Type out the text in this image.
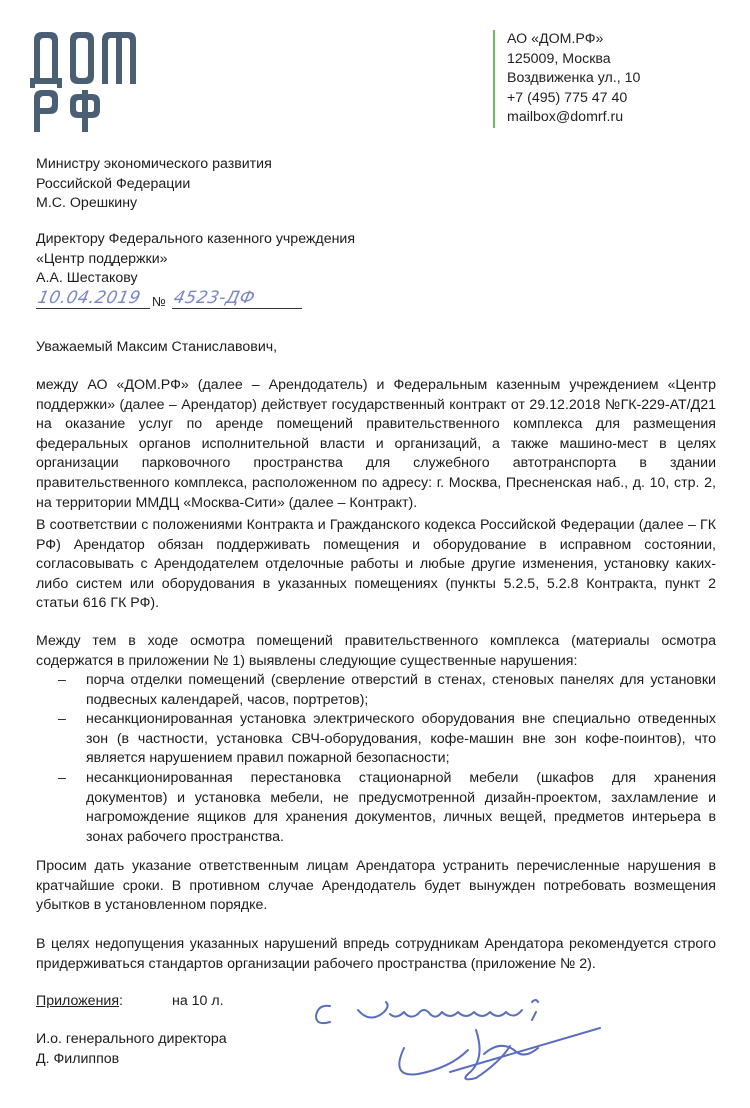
АО «ДОМ.РФ»
125009, Москва
Воздвиженка ул., 10
+7 (495) 775 47 40
mailbox@domrf.ru
Министру экономического развития
Российской Федерации
М.С. Орешкину
Директору Федерального казенного учреждения
«Центр поддержки»
А.А. Шестакову
10.04.2019 № 4523-ДФ
Уважаемый Максим Станиславович,
между АО «ДОМ.РФ» (далее – Арендодатель) и Федеральным казенным учреждением «Центр поддержки» (далее – Арендатор) действует государственный контракт от 29.12.2018 №ГК-229-АТ/Д21 на оказание услуг по аренде помещений правительственного комплекса для размещения федеральных органов исполнительной власти и организаций, а также машино-мест в целях организации парковочного пространства для служебного автотранспорта в здании правительственного комплекса, расположенном по адресу: г. Москва, Пресненская наб., д. 10, стр. 2, на территории ММДЦ «Москва-Сити» (далее – Контракт).
В соответствии с положениями Контракта и Гражданского кодекса Российской Федерации (далее – ГК РФ) Арендатор обязан поддерживать помещения и оборудование в исправном состоянии, согласовывать с Арендодателем отделочные работы и любые другие изменения, установку каких-либо систем или оборудования в указанных помещениях (пункты 5.2.5, 5.2.8 Контракта, пункт 2 статьи 616 ГК РФ).
Между тем в ходе осмотра помещений правительственного комплекса (материалы осмотра содержатся в приложении № 1) выявлены следующие существенные нарушения:
– порча отделки помещений (сверление отверстий в стенах, стеновых панелях для установки подвесных календарей, часов, портретов);
– несанкционированная установка электрического оборудования вне специально отведенных зон (в частности, установка СВЧ-оборудования, кофе-машин вне зон кофе-поинтов), что является нарушением правил пожарной безопасности;
– несанкционированная перестановка стационарной мебели (шкафов для хранения документов) и установка мебели, не предусмотренной дизайн-проектом, захламление и нагромождение ящиков для хранения документов, личных вещей, предметов интерьера в зонах рабочего пространства.
Просим дать указание ответственным лицам Арендатора устранить перечисленные нарушения в кратчайшие сроки. В противном случае Арендодатель будет вынужден потребовать возмещения убытков в установленном порядке.
В целях недопущения указанных нарушений впредь сотрудникам Арендатора рекомендуется строго придерживаться стандартов организации рабочего пространства (приложение № 2).
Приложения:	на 10 л.
И.о. генерального директора
Д. Филиппов
